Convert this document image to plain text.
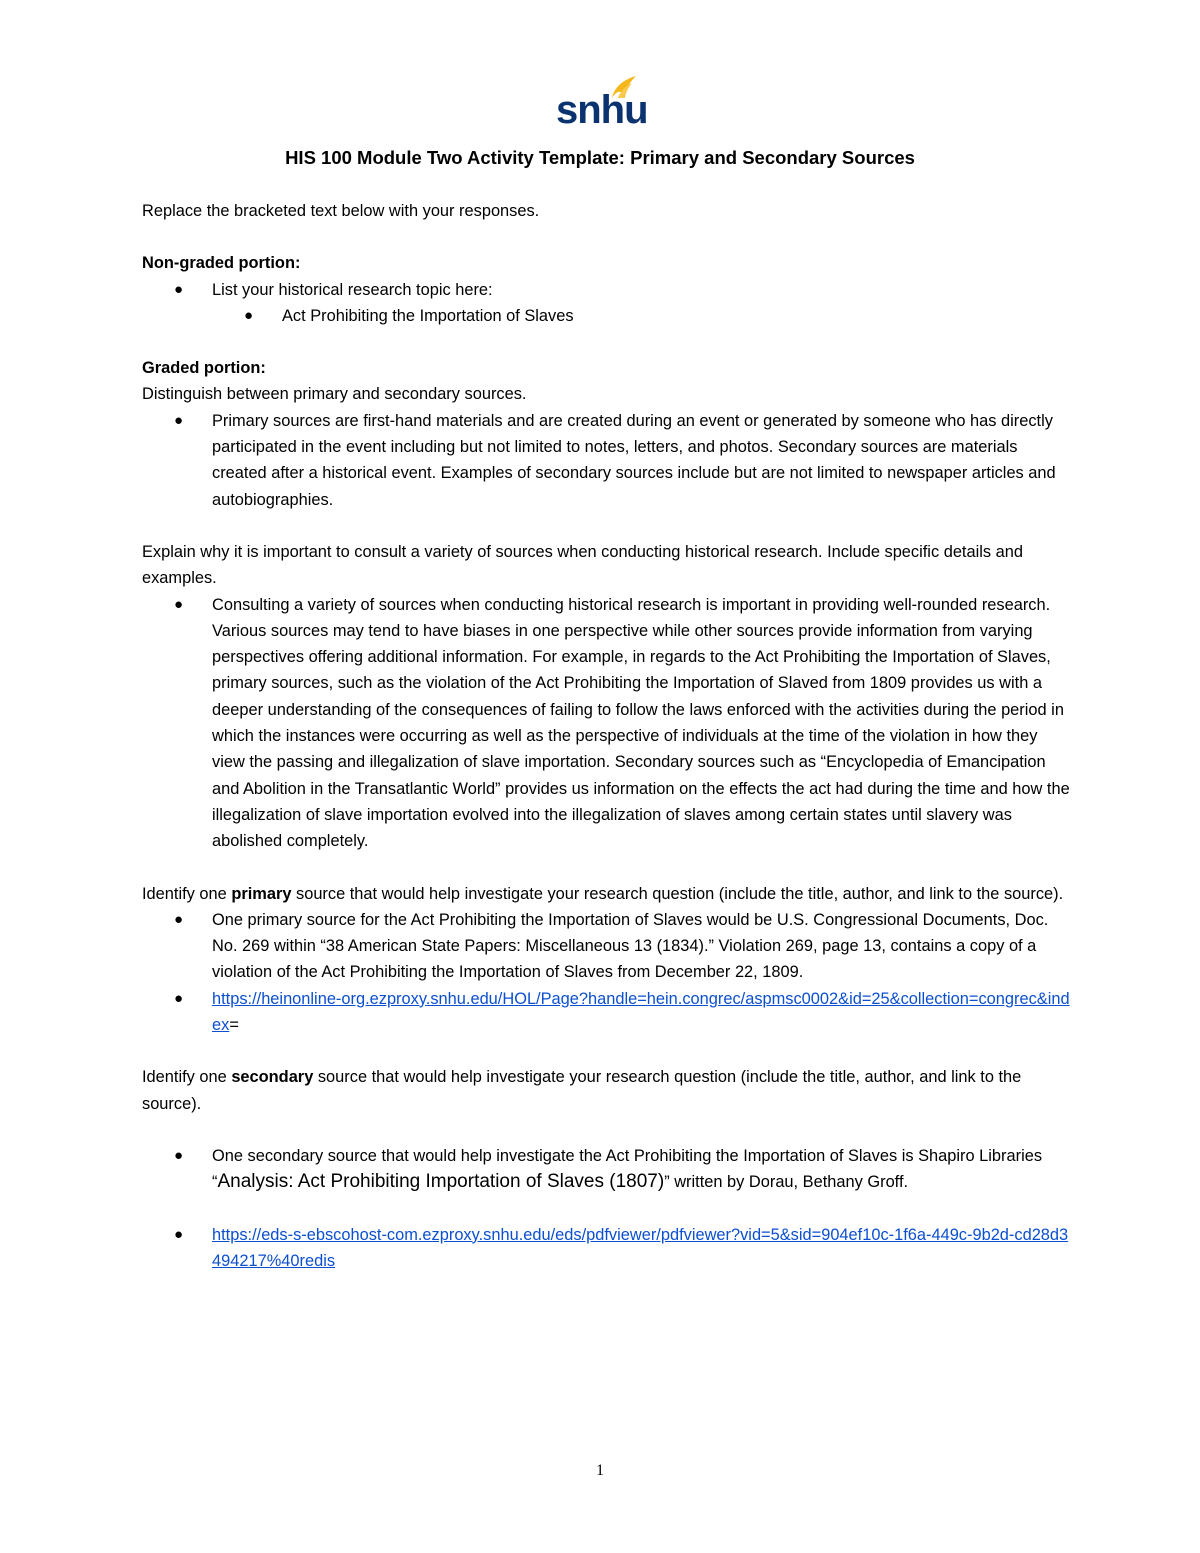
snhu
HIS 100 Module Two Activity Template: Primary and Secondary Sources

Replace the bracketed text below with your responses.

Non-graded portion:

● List your historical research topic here:
● Act Prohibiting the Importation of Slaves

Graded portion:

Distinguish between primary and secondary sources.

● Primary sources are first-hand materials and are created during an event or generated by someone who has directly participated in the event including but not limited to notes, letters, and photos. Secondary sources are materials created after a historical event. Examples of secondary sources include but are not limited to newspaper articles and autobiographies.

Explain why it is important to consult a variety of sources when conducting historical research. Include specific details and examples.

● Consulting a variety of sources when conducting historical research is important in providing well-rounded research. Various sources may tend to have biases in one perspective while other sources provide information from varying perspectives offering additional information. For example, in regards to the Act Prohibiting the Importation of Slaves, primary sources, such as the violation of the Act Prohibiting the Importation of Slaved from 1809 provides us with a deeper understanding of the consequences of failing to follow the laws enforced with the activities during the period in which the instances were occurring as well as the perspective of individuals at the time of the violation in how they view the passing and illegalization of slave importation. Secondary sources such as “Encyclopedia of Emancipation and Abolition in the Transatlantic World” provides us information on the effects the act had during the time and how the illegalization of slave importation evolved into the illegalization of slaves among certain states until slavery was abolished completely.

Identify one primary source that would help investigate your research question (include the title, author, and link to the source).

● One primary source for the Act Prohibiting the Importation of Slaves would be U.S. Congressional Documents, Doc. No. 269 within “38 American State Papers: Miscellaneous 13 (1834).” Violation 269, page 13, contains a copy of a violation of the Act Prohibiting the Importation of Slaves from December 22, 1809.
● https://heinonline-org.ezproxy.snhu.edu/HOL/Page?handle=hein.congrec/aspmsc0002&id=25&collection=congrec&index=

Identify one secondary source that would help investigate your research question (include the title, author, and link to the source).

● One secondary source that would help investigate the Act Prohibiting the Importation of Slaves is Shapiro Libraries “Analysis: Act Prohibiting Importation of Slaves (1807)” written by Dorau, Bethany Groff.
● https://eds-s-ebscohost-com.ezproxy.snhu.edu/eds/pdfviewer/pdfviewer?vid=5&sid=904ef10c-1f6a-449c-9b2d-cd28d3494217%40redis
1
